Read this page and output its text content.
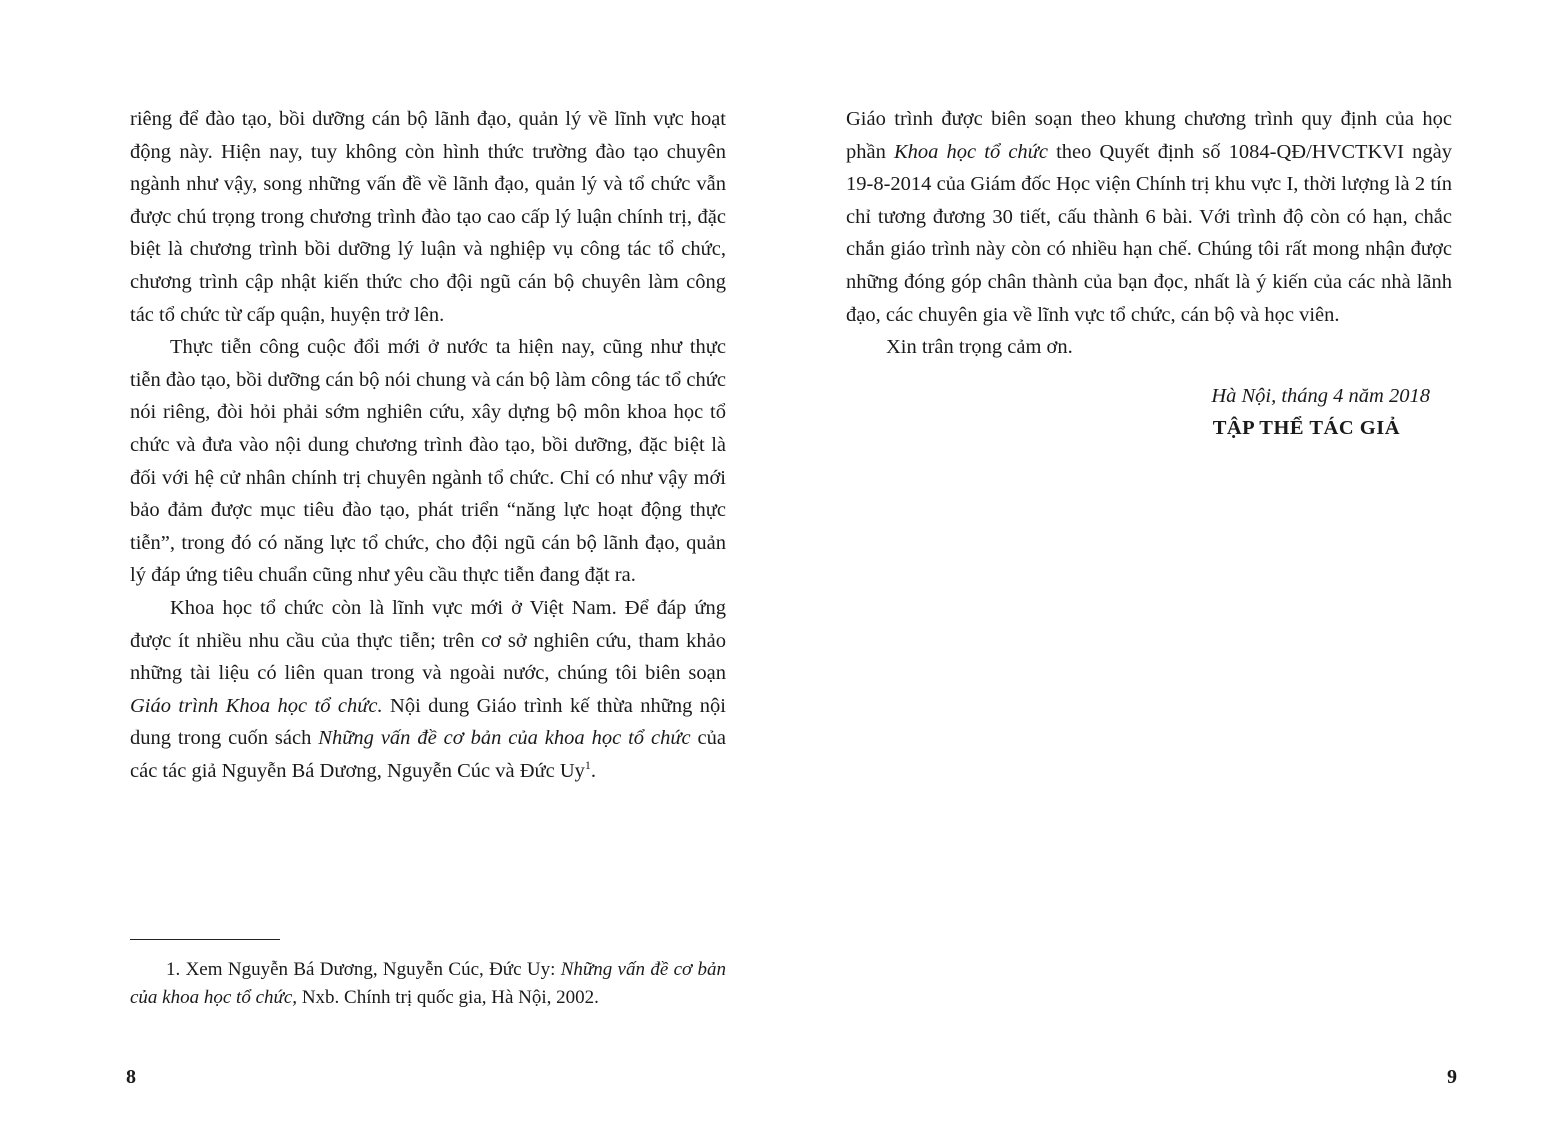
riêng để đào tạo, bồi dưỡng cán bộ lãnh đạo, quản lý về lĩnh vực hoạt động này. Hiện nay, tuy không còn hình thức trường đào tạo chuyên ngành như vậy, song những vấn đề về lãnh đạo, quản lý và tổ chức vẫn được chú trọng trong chương trình đào tạo cao cấp lý luận chính trị, đặc biệt là chương trình bồi dưỡng lý luận và nghiệp vụ công tác tổ chức, chương trình cập nhật kiến thức cho đội ngũ cán bộ chuyên làm công tác tổ chức từ cấp quận, huyện trở lên.

Thực tiễn công cuộc đổi mới ở nước ta hiện nay, cũng như thực tiễn đào tạo, bồi dưỡng cán bộ nói chung và cán bộ làm công tác tổ chức nói riêng, đòi hỏi phải sớm nghiên cứu, xây dựng bộ môn khoa học tổ chức và đưa vào nội dung chương trình đào tạo, bồi dưỡng, đặc biệt là đối với hệ cử nhân chính trị chuyên ngành tổ chức. Chỉ có như vậy mới bảo đảm được mục tiêu đào tạo, phát triển “năng lực hoạt động thực tiễn”, trong đó có năng lực tổ chức, cho đội ngũ cán bộ lãnh đạo, quản lý đáp ứng tiêu chuẩn cũng như yêu cầu thực tiễn đang đặt ra.

Khoa học tổ chức còn là lĩnh vực mới ở Việt Nam. Để đáp ứng được ít nhiều nhu cầu của thực tiễn; trên cơ sở nghiên cứu, tham khảo những tài liệu có liên quan trong và ngoài nước, chúng tôi biên soạn Giáo trình Khoa học tổ chức. Nội dung Giáo trình kế thừa những nội dung trong cuốn sách Những vấn đề cơ bản của khoa học tổ chức của các tác giả Nguyễn Bá Dương, Nguyễn Cúc và Đức Uy$^1$.

1. Xem Nguyễn Bá Dương, Nguyễn Cúc, Đức Uy: Những vấn đề cơ bản của khoa học tổ chức, Nxb. Chính trị quốc gia, Hà Nội, 2002.

8

Giáo trình được biên soạn theo khung chương trình quy định của học phần Khoa học tổ chức theo Quyết định số 1084-QĐ/HVCTKVI ngày 19-8-2014 của Giám đốc Học viện Chính trị khu vực I, thời lượng là 2 tín chỉ tương đương 30 tiết, cấu thành 6 bài. Với trình độ còn có hạn, chắc chắn giáo trình này còn có nhiều hạn chế. Chúng tôi rất mong nhận được những đóng góp chân thành của bạn đọc, nhất là ý kiến của các nhà lãnh đạo, các chuyên gia về lĩnh vực tổ chức, cán bộ và học viên.

Xin trân trọng cảm ơn.

Hà Nội, tháng 4 năm 2018

TẬP THỂ TÁC GIẢ

9
